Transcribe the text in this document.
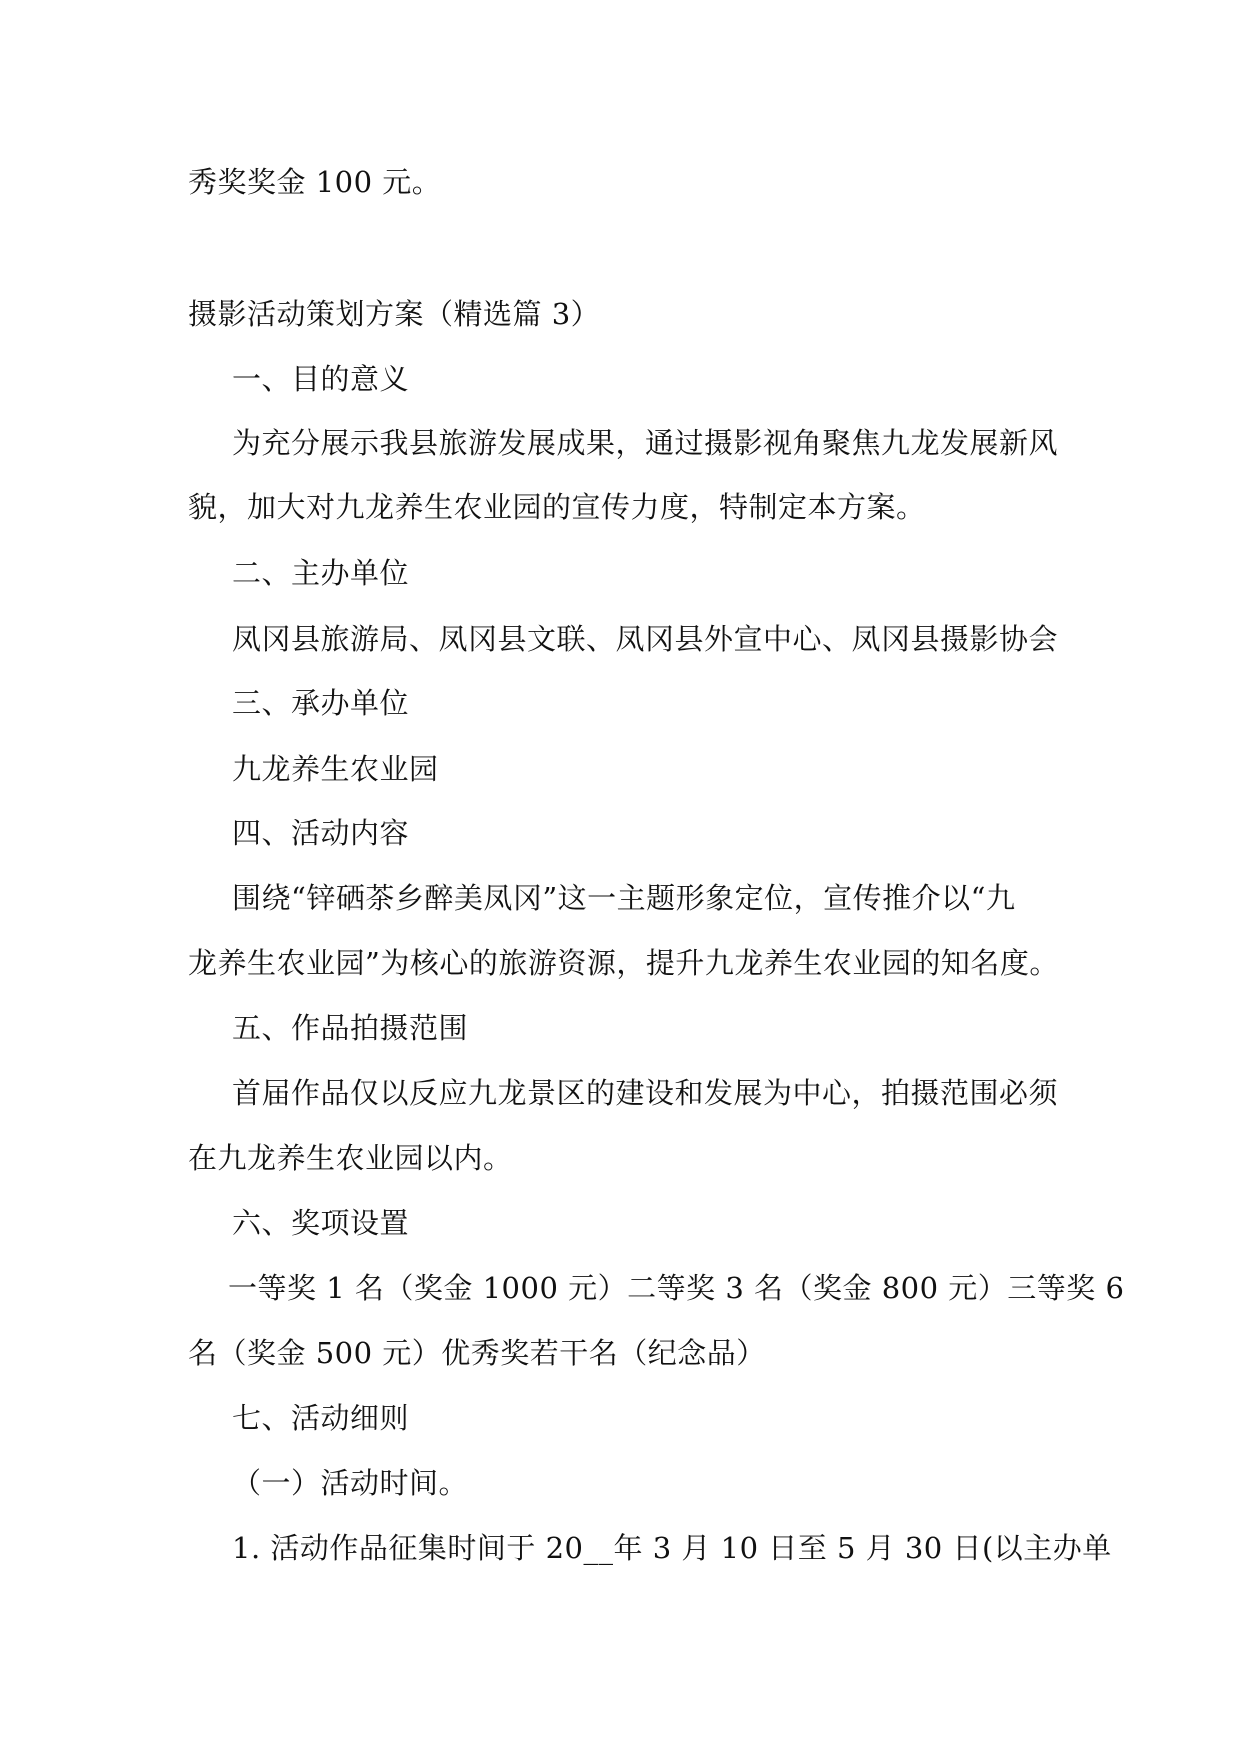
秀奖奖金 100 元。
摄影活动策划方案（精选篇 3）
一、目的意义
为充分展示我县旅游发展成果，通过摄影视角聚焦九龙发展新风
貌，加大对九龙养生农业园的宣传力度，特制定本方案。
二、主办单位
凤冈县旅游局、凤冈县文联、凤冈县外宣中心、凤冈县摄影协会
三、承办单位
九龙养生农业园
四、活动内容
围绕“锌硒茶乡醉美凤冈”这一主题形象定位，宣传推介以“九
龙养生农业园”为核心的旅游资源，提升九龙养生农业园的知名度。
五、作品拍摄范围
首届作品仅以反应九龙景区的建设和发展为中心，拍摄范围必须
在九龙养生农业园以内。
六、奖项设置
一等奖 1 名（奖金 1000 元）二等奖 3 名（奖金 800 元）三等奖 6
名（奖金 500 元）优秀奖若干名（纪念品）
七、活动细则
（一）活动时间。
1. 活动作品征集时间于 20__年 3 月 10 日至 5 月 30 日(以主办单
